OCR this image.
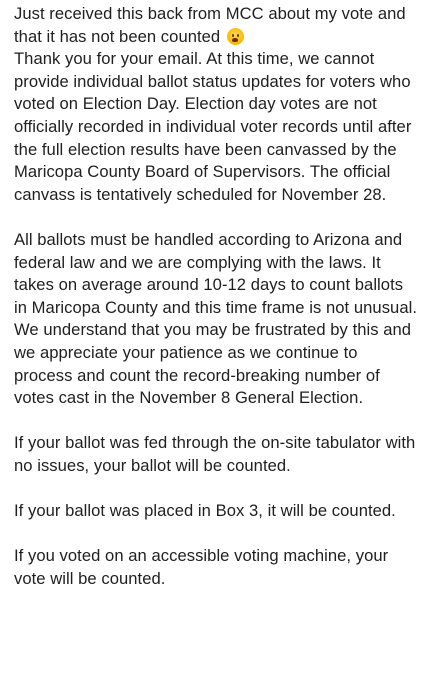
Just received this back from MCC about my vote and that it has not been counted

Thank you for your email. At this time, we cannot provide individual ballot status updates for voters who voted on Election Day. Election day votes are not officially recorded in individual voter records until after the full election results have been canvassed by the Maricopa County Board of Supervisors. The official canvass is tentatively scheduled for November 28.

All ballots must be handled according to Arizona and federal law and we are complying with the laws. It takes on average around 10-12 days to count ballots in Maricopa County and this time frame is not unusual. We understand that you may be frustrated by this and we appreciate your patience as we continue to process and count the record-breaking number of votes cast in the November 8 General Election.

If your ballot was fed through the on-site tabulator with no issues, your ballot will be counted.

If your ballot was placed in Box 3, it will be counted.

If you voted on an accessible voting machine, your vote will be counted.
